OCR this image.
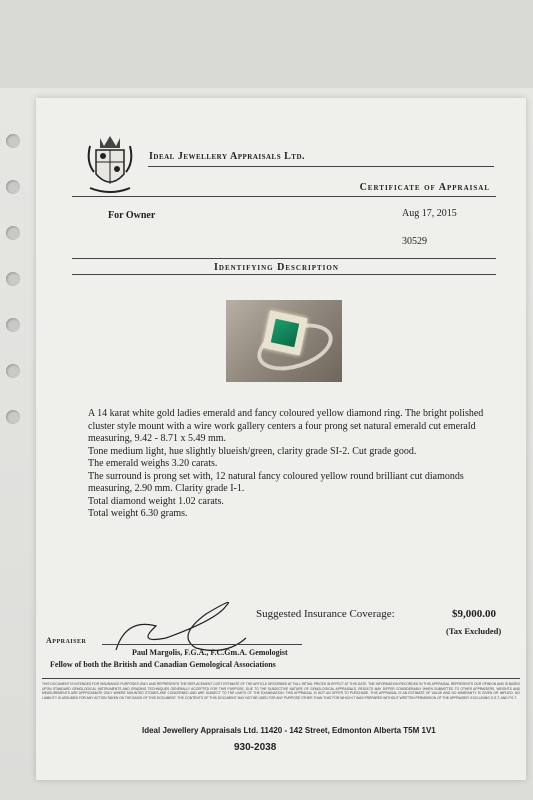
Ideal Jewellery Appraisals Ltd.
Certificate of Appraisal
For Owner	Aug 17, 2015
30529
Identifying Description

A 14 karat white gold ladies emerald and fancy coloured yellow diamond ring. The bright polished cluster style mount with a wire work gallery centers a four prong set natural emerald cut emerald measuring, 9.42 - 8.71 x 5.49 mm.

Tone medium light, hue slightly blueish/green, clarity grade SI-2. Cut grade good.

The emerald weighs 3.20 carats.

The surround is prong set with, 12 natural fancy coloured yellow round brilliant cut diamonds measuring, 2.90 mm. Clarity grade I-1.

Total diamond weight 1.02 carats.

Total weight 6.30 grams.

Suggested Insurance Coverage:	$9,000.00
(Tax Excluded)
Appraiser
Paul Margolis, F.G.A., F.C.Gm.A. Gemologist
Fellow of both the British and Canadian Gemological Associations
THIS DOCUMENT IS INTENDED FOR INSURANCE PURPOSES ONLY AND REPRESENTS THE REPLACEMENT COST ESTIMATE OF THE ARTICLE DESCRIBED AT FULL RETAIL PRICES IN EFFECT AT THIS DATE. THE INFORMATION RECORDED IN THIS APPRAISAL REPRESENTS OUR OPINION AND IS BASED UPON STANDARD GEMOLOGICAL INSTRUMENTS AND GRADING TECHNIQUES GENERALLY ACCEPTED FOR THIS PURPOSE, DUE TO THE SUBJECTIVE NATURE OF GEMOLOGICAL APPRAISALS, RESULTS MAY DIFFER CONSIDERABLY WHEN SUBMITTED TO OTHER APPRAISERS. WEIGHTS AND MEASUREMENTS ARE APPROXIMATE ONLY WHERE MOUNTED STONES ARE CONCERNED AND ARE SUBJECT TO THE LIMITS OF THE EXAMINATION. THIS APPRAISAL IS NOT AN OFFER TO PURCHASE. THIS APPRAISAL IS AN ESTIMATE OF VALUE AND NO WARRANTY IS GIVEN OR IMPLIED. NO LIABILITY IS ASSUMED FOR ANY ACTION TAKEN ON THE BASIS OF THIS DOCUMENT. THE CONTENTS OF THIS DOCUMENT MAY NOT BE USED FOR ANY PURPOSE OTHER THAN THAT FOR WHICH IT WAS PREPARED WITHOUT WRITTEN PERMISSION OF THE APPRAISER. EXCLUDING G.S.T. AND P.S.T.
Ideal Jewellery Appraisals Ltd. 11420 - 142 Street, Edmonton Alberta T5M 1V1
930-2038
